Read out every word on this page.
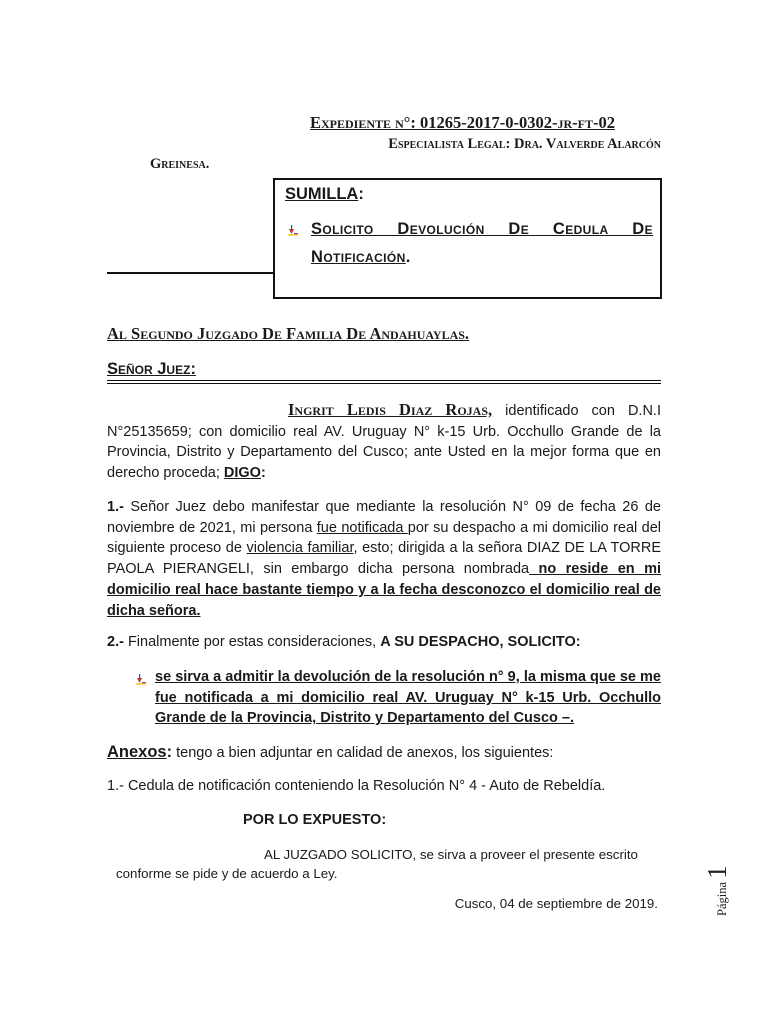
Expediente n°: 01265-2017-0-0302-jr-ft-02
Especialista Legal: Dra. Valverde Alarcón
Greinesa.
SUMILLA:
Solicito Devolución De Cedula De
Notificación.
Al Segundo Juzgado De Familia De Andahuaylas.
Señor Juez:

Ingrit Ledis Diaz Rojas, identificado con D.N.I N°25135659; con domicilio real AV. Uruguay N° k-15 Urb. Occhullo Grande de la Provincia, Distrito y Departamento del Cusco; ante Usted en la mejor forma que en derecho proceda; DIGO:

1.- Señor Juez debo manifestar que mediante la resolución N° 09 de fecha 26 de noviembre de 2021, mi persona fue notificada por su despacho a mi domicilio real del siguiente proceso de violencia familiar, esto; dirigida a la señora DIAZ DE LA TORRE PAOLA PIERANGELI, sin embargo dicha persona nombrada no reside en mi domicilio real hace bastante tiempo y a la fecha desconozco el domicilio real de dicha señora.

2.- Finalmente por estas consideraciones, A SU DESPACHO, SOLICITO:

se sirva a admitir la devolución de la resolución n° 9, la misma que se me fue notificada a mi domicilio real AV. Uruguay N° k-15 Urb. Occhullo Grande de la Provincia, Distrito y Departamento del Cusco –.

Anexos: tengo a bien adjuntar en calidad de anexos, los siguientes:
1.- Cedula de notificación conteniendo la Resolución N° 4 - Auto de Rebeldía.
POR LO EXPUESTO:
AL JUZGADO SOLICITO, se sirva a proveer el presente escrito
conforme se pide y de acuerdo a Ley.
Cusco, 04 de septiembre de 2019.	Página 1
